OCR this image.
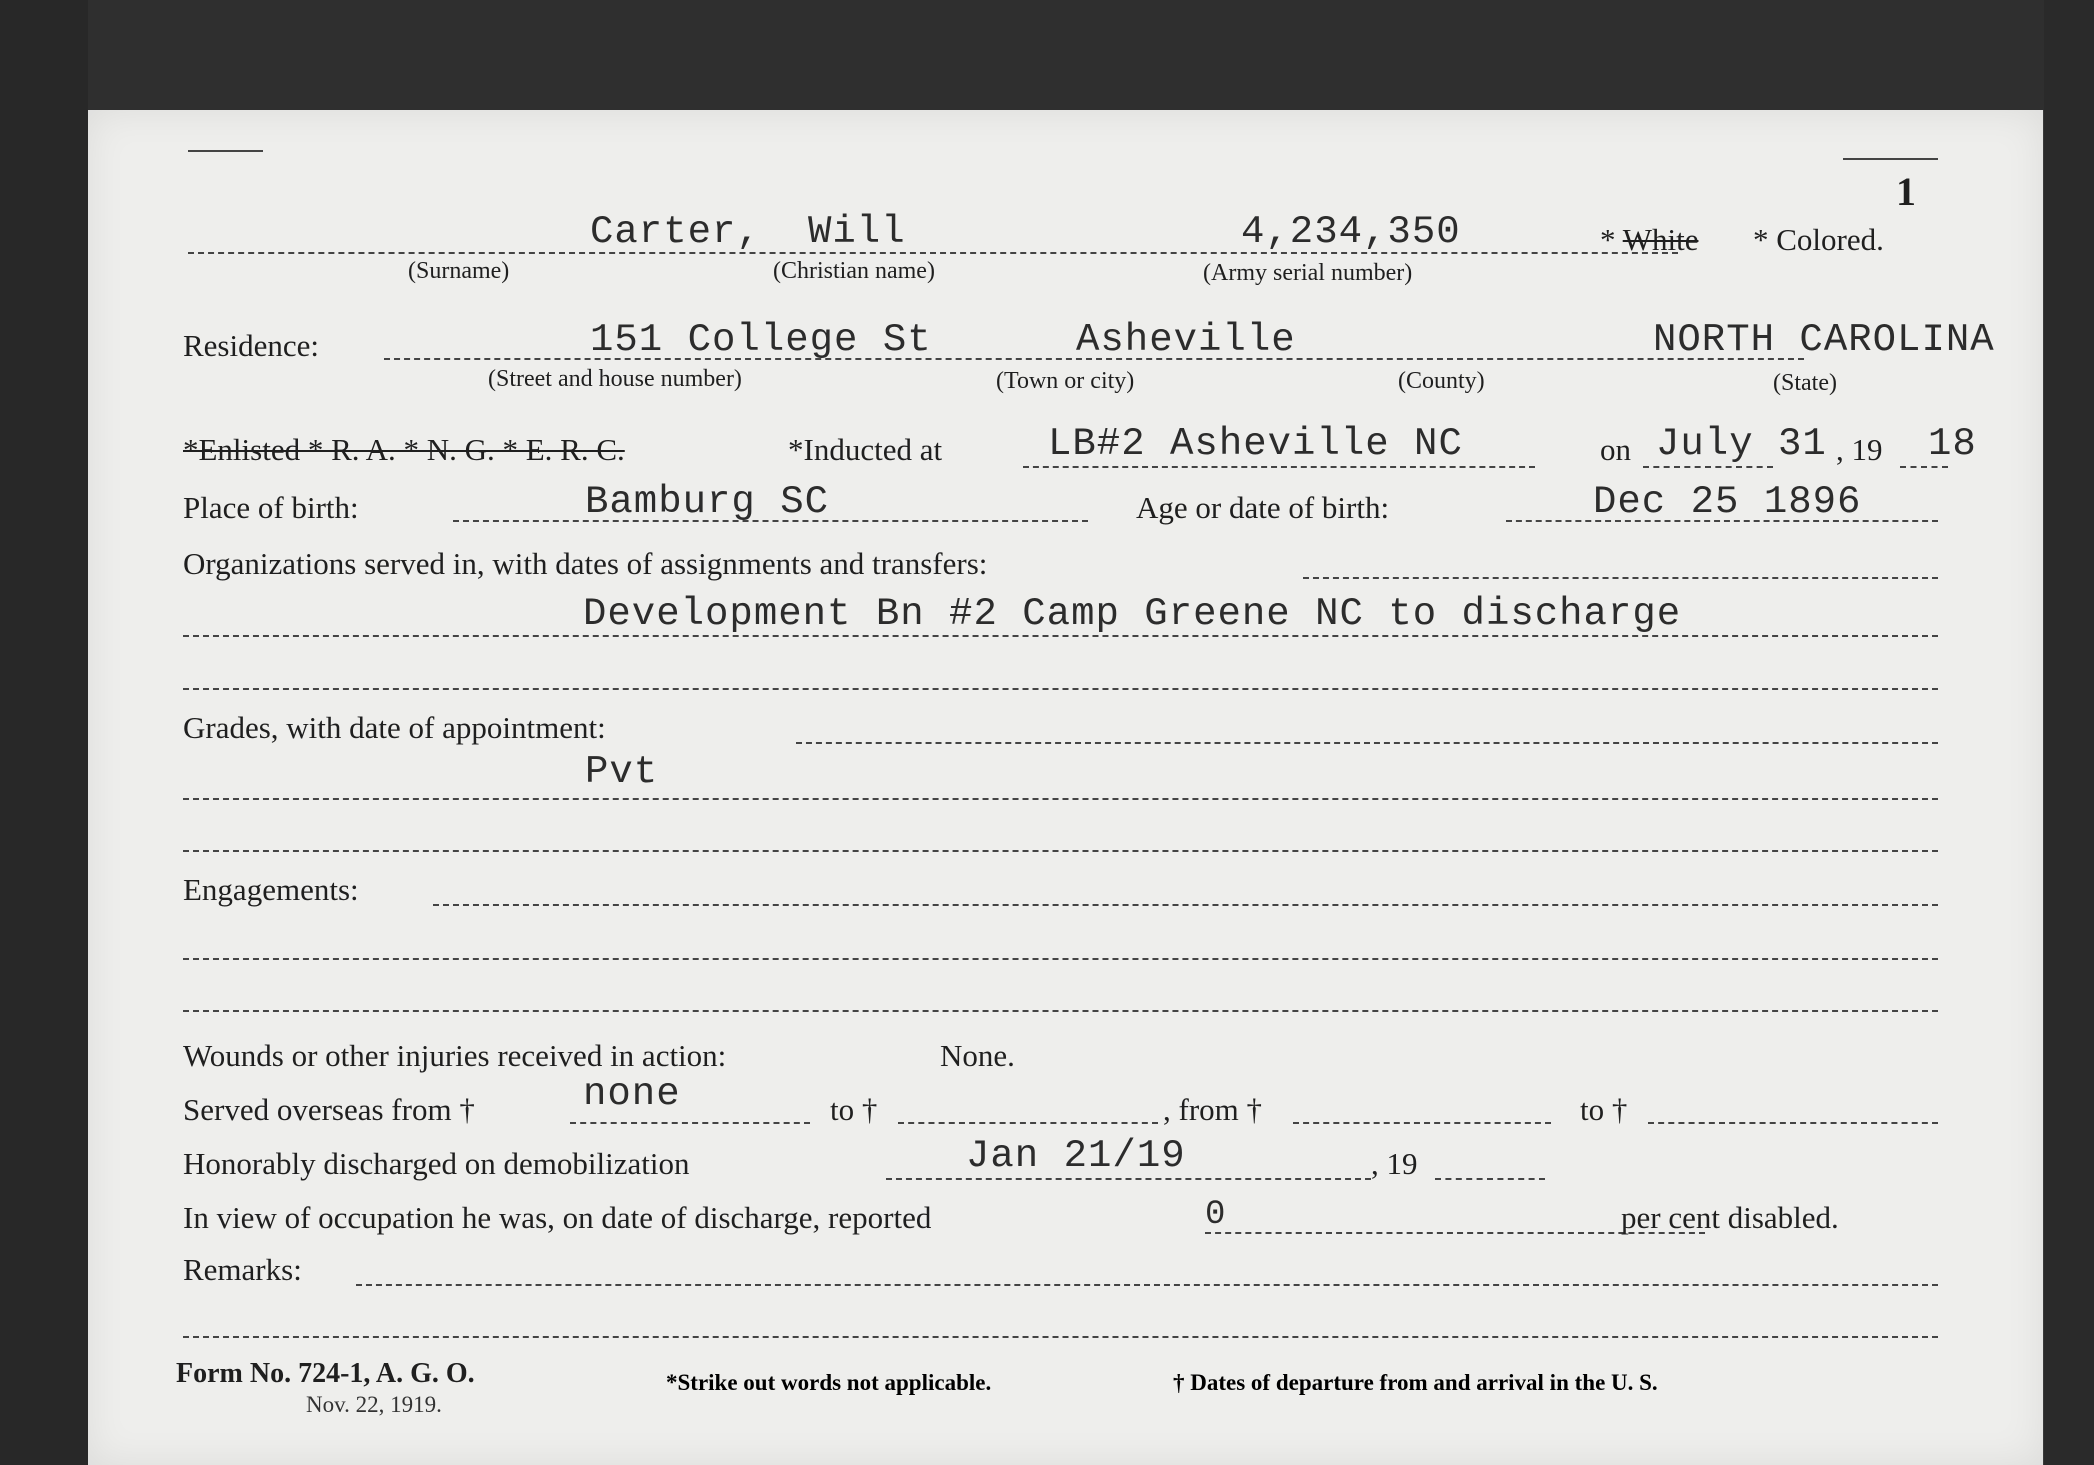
1
Carter, Will	4,234,350	* White * Colored.
(Surname)	(Christian name)	(Army serial number)
Residence:	151 College St	Asheville	NORTH CAROLINA
(Street and house number)	(Town or city)	(County)	(State)
*Enlisted * R. A. * N. G. * E. R. C.	*Inducted at	LB#2 Asheville NC	on July 31 , 19 18
Place of birth:	Bamburg SC	Age or date of birth:	Dec 25 1896
Organizations served in, with dates of assignments and transfers:
Development Bn #2 Camp Greene NC to discharge
Grades, with date of appointment:
Pvt
Engagements:
Wounds or other injuries received in action:	None.
Served overseas from †	none	to †	, from †	to †
Honorably discharged on demobilization	Jan 21/19	, 19
In view of occupation he was, on date of discharge, reported	0	per cent disabled.
Remarks:
Form No. 724-1, A. G. O.
Nov. 22, 1919.
*Strike out words not applicable.	† Dates of departure from and arrival in the U. S.
